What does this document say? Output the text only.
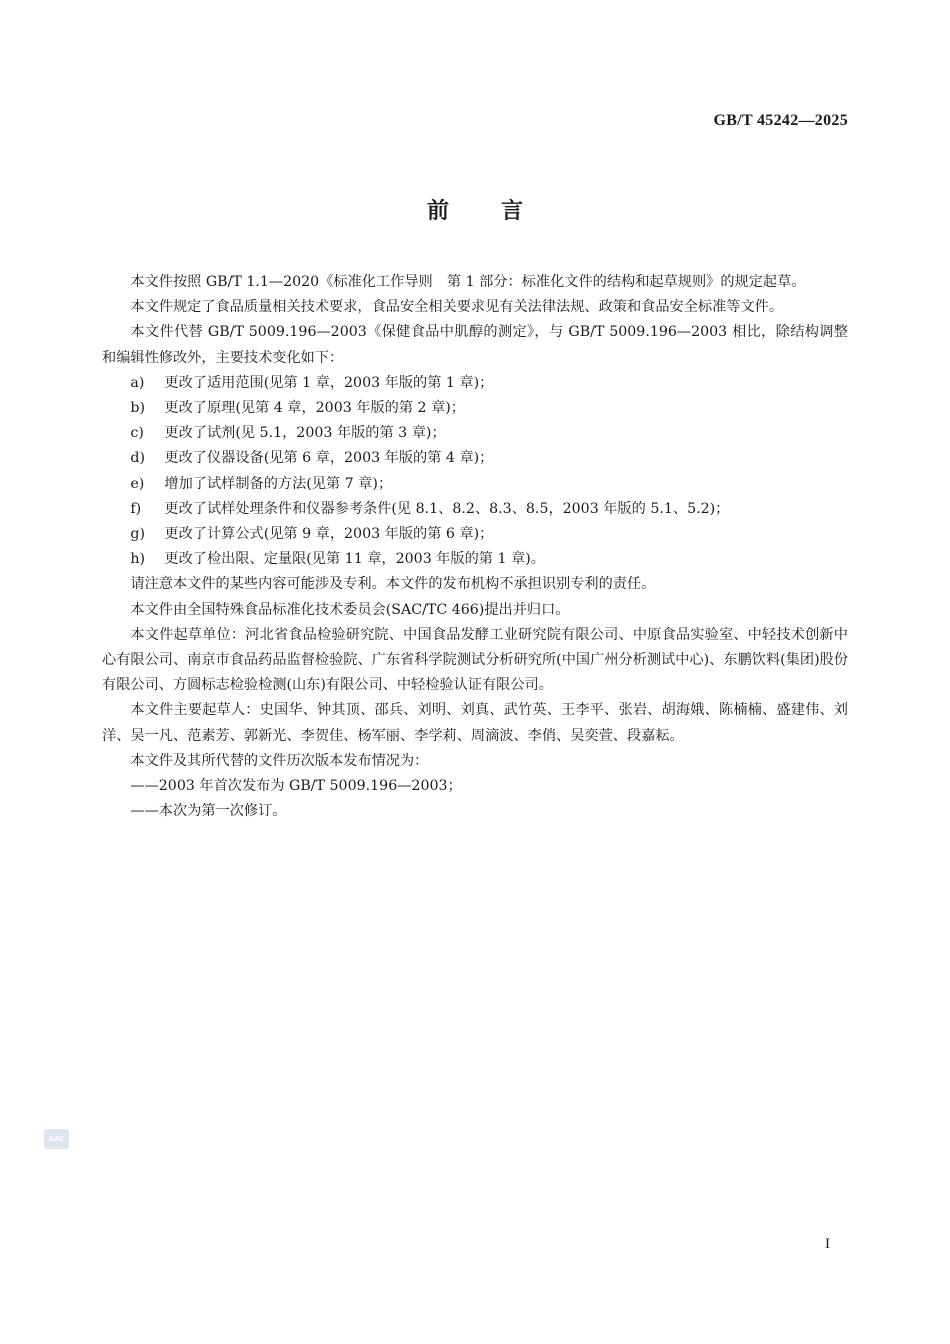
GB/T 45242—2025
前言

本文件按照 GB/T 1.1—2020《标准化工作导则　第 1 部分：标准化文件的结构和起草规则》的规定起草。

本文件规定了食品质量相关技术要求，食品安全相关要求见有关法律法规、政策和食品安全标准等文件。

本文件代替 GB/T 5009.196—2003《保健食品中肌醇的测定》，与 GB/T 5009.196—2003 相比，除结构调整和编辑性修改外，主要技术变化如下：

a) 更改了适用范围(见第 1 章，2003 年版的第 1 章)；

b) 更改了原理(见第 4 章，2003 年版的第 2 章)；

c) 更改了试剂(见 5.1，2003 年版的第 3 章)；

d) 更改了仪器设备(见第 6 章，2003 年版的第 4 章)；

e) 增加了试样制备的方法(见第 7 章)；

f) 更改了试样处理条件和仪器参考条件(见 8.1、8.2、8.3、8.5，2003 年版的 5.1、5.2)；

g) 更改了计算公式(见第 9 章，2003 年版的第 6 章)；

h) 更改了检出限、定量限(见第 11 章，2003 年版的第 1 章)。

请注意本文件的某些内容可能涉及专利。本文件的发布机构不承担识别专利的责任。

本文件由全国特殊食品标准化技术委员会(SAC/TC 466)提出并归口。

本文件起草单位：河北省食品检验研究院、中国食品发酵工业研究院有限公司、中原食品实验室、中轻技术创新中心有限公司、南京市食品药品监督检验院、广东省科学院测试分析研究所(中国广州分析测试中心)、东鹏饮料(集团)股份有限公司、方圆标志检验检测(山东)有限公司、中轻检验认证有限公司。

本文件主要起草人：史国华、钟其顶、邵兵、刘明、刘真、武竹英、王李平、张岩、胡海娥、陈楠楠、盛建伟、刘洋、吴一凡、范素芳、郭新光、李贺佳、杨军丽、李学莉、周滴波、李俏、吴奕萱、段嘉耘。

本文件及其所代替的文件历次版本发布情况为：

——2003 年首次发布为 GB/T 5009.196—2003；

——本次为第一次修订。

SAC
I
